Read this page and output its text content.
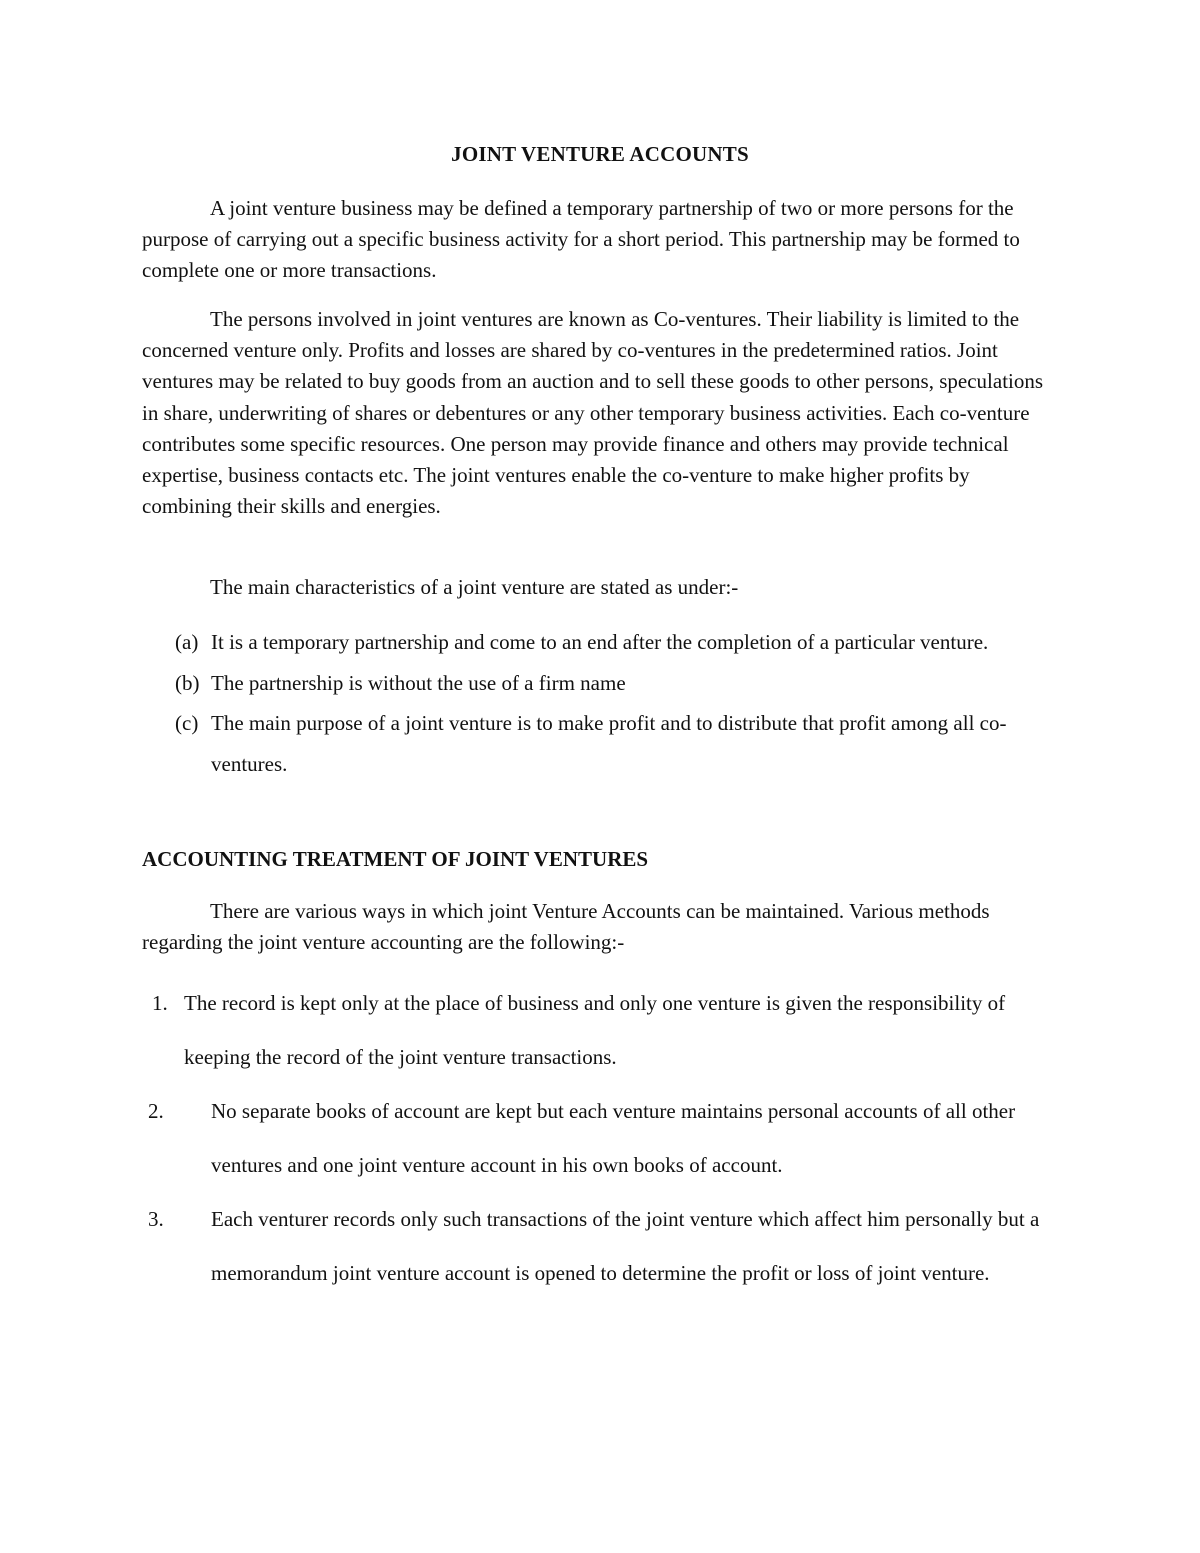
JOINT VENTURE ACCOUNTS

A joint venture business may be defined a temporary partnership of two or more persons for the purpose of carrying out a specific business activity for a short period. This partnership may be formed to complete one or more transactions.

The persons involved in joint ventures are known as Co-ventures. Their liability is limited to the concerned venture only. Profits and losses are shared by co-ventures in the predetermined ratios. Joint ventures may be related to buy goods from an auction and to sell these goods to other persons, speculations in share, underwriting of shares or debentures or any other temporary business activities. Each co-venture contributes some specific resources. One person may provide finance and others may provide technical expertise, business contacts etc. The joint ventures enable the co-venture to make higher profits by combining their skills and energies.

The main characteristics of a joint venture are stated as under:-

(a) It is a temporary partnership and come to an end after the completion of a particular venture.
(b) The partnership is without the use of a firm name
(c) The main purpose of a joint venture is to make profit and to distribute that profit among all co-ventures.
ACCOUNTING TREATMENT OF JOINT VENTURES

There are various ways in which joint Venture Accounts can be maintained. Various methods regarding the joint venture accounting are the following:-

1. The record is kept only at the place of business and only one venture is given the responsibility of keeping the record of the joint venture transactions.
2. No separate books of account are kept but each venture maintains personal accounts of all other ventures and one joint venture account in his own books of account.
3. Each venturer records only such transactions of the joint venture which affect him personally but a memorandum joint venture account is opened to determine the profit or loss of joint venture.
